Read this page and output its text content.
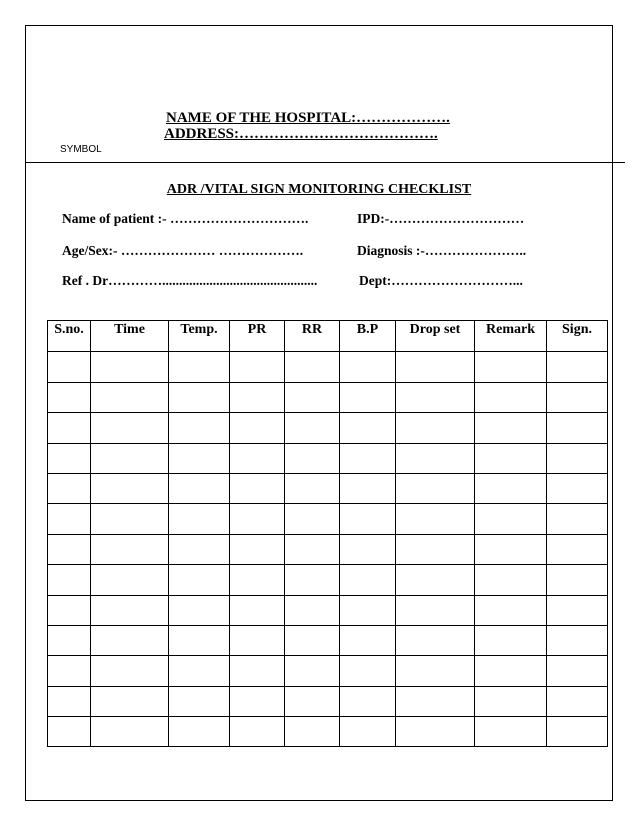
NAME OF THE HOSPITAL:……………….
ADDRESS:………………………………….
SYMBOL
ADR /VITAL SIGN MONITORING CHECKLIST
Name of patient :- ………………………….
Age/Sex:- ………………… ……………….
Ref . Dr…………..............................................
IPD:-…………………………
Diagnosis :-…………………..
Dept:………………………...
S.no.	Time	Temp.	PR	RR	B.P	Drop set	Remark	Sign.
